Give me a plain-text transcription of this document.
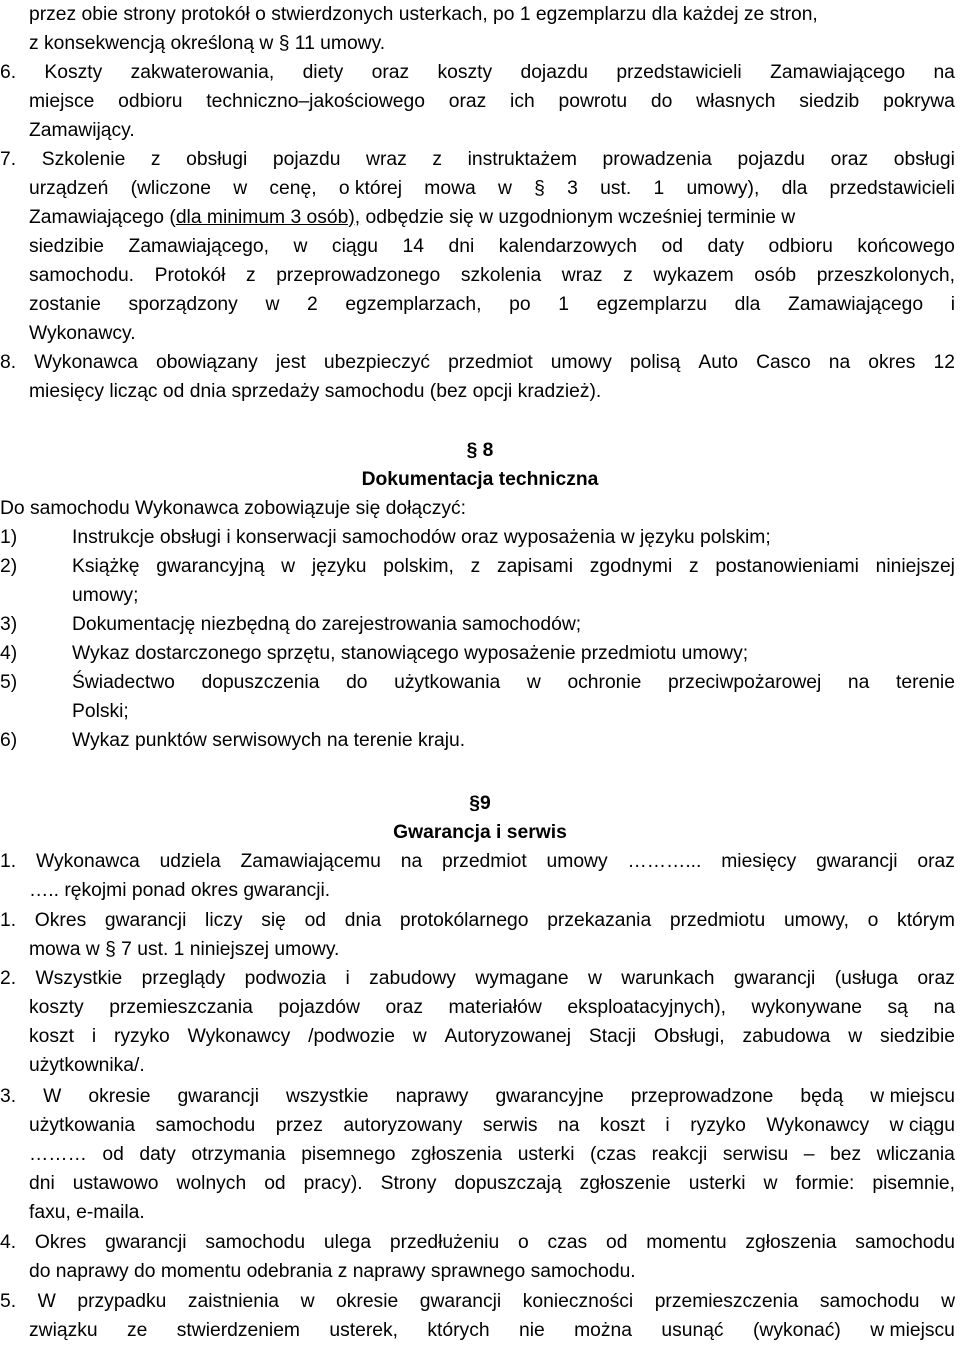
przez obie strony protokół o stwierdzonych usterkach, po 1 egzemplarzu dla każdej ze stron,
z konsekwencją określoną w § 11 umowy.
6. Koszty zakwaterowania, diety oraz koszty dojazdu przedstawicieli Zamawiającego na
miejsce odbioru techniczno–jakościowego oraz ich powrotu do własnych siedzib pokrywa
Zamawijący.
7. Szkolenie z obsługi pojazdu wraz z instruktażem prowadzenia pojazdu oraz obsługi
urządzeń (wliczone w cenę, o której mowa w § 3 ust. 1 umowy), dla przedstawicieli
Zamawiającego (dla minimum 3 osób), odbędzie się w uzgodnionym wcześniej terminie w
siedzibie Zamawiającego, w ciągu 14 dni kalendarzowych od daty odbioru końcowego
samochodu. Protokół z przeprowadzonego szkolenia wraz z wykazem osób przeszkolonych,
zostanie sporządzony w 2 egzemplarzach, po 1 egzemplarzu dla Zamawiającego i
Wykonawcy.
8. Wykonawca obowiązany jest ubezpieczyć przedmiot umowy polisą Auto Casco na okres 12
miesięcy licząc od dnia sprzedaży samochodu (bez opcji kradzież).
§ 8
Dokumentacja techniczna
Do samochodu Wykonawca zobowiązuje się dołączyć:
1)	Instrukcje obsługi i konserwacji samochodów oraz wyposażenia w języku polskim;
2)	Książkę gwarancyjną w języku polskim, z zapisami zgodnymi z postanowieniami niniejszej
umowy;
3)	Dokumentację niezbędną do zarejestrowania samochodów;
4)	Wykaz dostarczonego sprzętu, stanowiącego wyposażenie przedmiotu umowy;
5)	Świadectwo dopuszczenia do użytkowania w ochronie przeciwpożarowej na terenie
Polski;
6)	Wykaz punktów serwisowych na terenie kraju.
§9
Gwarancja i serwis
1. Wykonawca udziela Zamawiającemu na przedmiot umowy ………... miesięcy gwarancji oraz
….. rękojmi ponad okres gwarancji.
1. Okres gwarancji liczy się od dnia protokólarnego przekazania przedmiotu umowy, o którym
mowa w § 7 ust. 1 niniejszej umowy.
2. Wszystkie przeglądy podwozia i zabudowy wymagane w warunkach gwarancji (usługa oraz
koszty przemieszczania pojazdów oraz materiałów eksploatacyjnych), wykonywane są na
koszt i ryzyko Wykonawcy /podwozie w Autoryzowanej Stacji Obsługi, zabudowa w siedzibie
użytkownika/.
3. W okresie gwarancji wszystkie naprawy gwarancyjne przeprowadzone będą w miejscu
użytkowania samochodu przez autoryzowany serwis na koszt i ryzyko Wykonawcy w ciągu
……… od daty otrzymania pisemnego zgłoszenia usterki (czas reakcji serwisu – bez wliczania
dni ustawowo wolnych od pracy). Strony dopuszczają zgłoszenie usterki w formie: pisemnie,
faxu, e-maila.
4. Okres gwarancji samochodu ulega przedłużeniu o czas od momentu zgłoszenia samochodu
do naprawy do momentu odebrania z naprawy sprawnego samochodu.
5. W przypadku zaistnienia w okresie gwarancji konieczności przemieszczenia samochodu w
związku ze stwierdzeniem usterek, których nie można usunąć (wykonać) w miejscu
